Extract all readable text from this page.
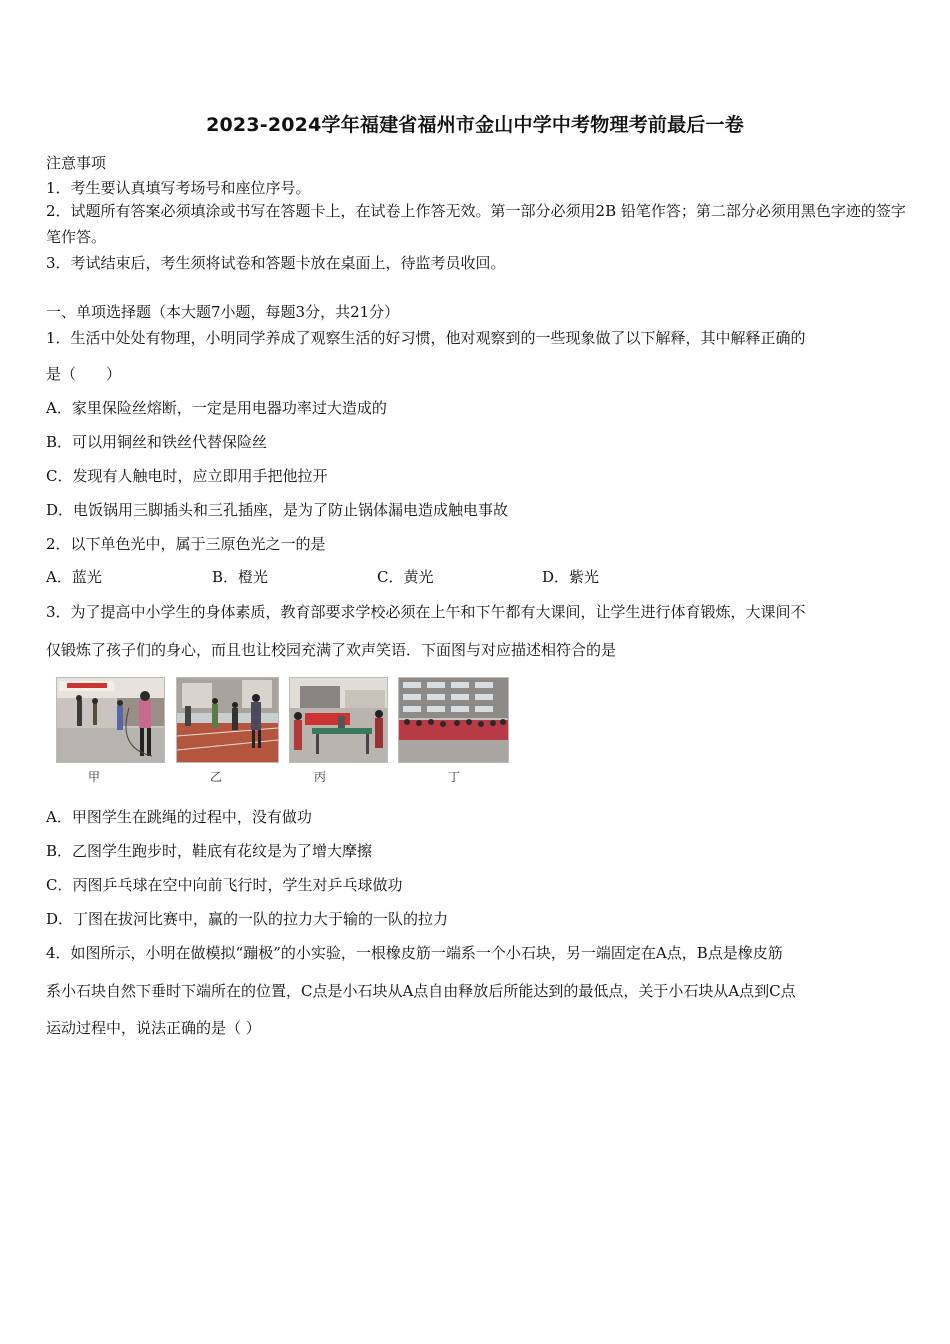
2023-2024学年福建省福州市金山中学中考物理考前最后一卷
注意事项
1．考生要认真填写考场号和座位序号。
2．试题所有答案必须填涂或书写在答题卡上，在试卷上作答无效。第一部分必须用2B 铅笔作答；第二部分必须用黑色字迹的签字笔作答。
3．考试结束后，考生须将试卷和答题卡放在桌面上，待监考员收回。
一、单项选择题（本大题7小题，每题3分，共21分）
1．生活中处处有物理，小明同学养成了观察生活的好习惯，他对观察到的一些现象做了以下解释，其中解释正确的
是（　　）
A．家里保险丝熔断，一定是用电器功率过大造成的
B．可以用铜丝和铁丝代替保险丝
C．发现有人触电时，应立即用手把他拉开
D．电饭锅用三脚插头和三孔插座，是为了防止锅体漏电造成触电事故
2．以下单色光中，属于三原色光之一的是
A．蓝光	B．橙光	C．黄光	D．紫光
3．为了提高中小学生的身体素质，教育部要求学校必须在上午和下午都有大课间，让学生进行体育锻炼，大课间不
仅锻炼了孩子们的身心，而且也让校园充满了欢声笑语．下面图与对应描述相符合的是
甲	乙	丙	丁
A．甲图学生在跳绳的过程中，没有做功
B．乙图学生跑步时，鞋底有花纹是为了增大摩擦
C．丙图乒乓球在空中向前飞行时，学生对乒乓球做功
D．丁图在拔河比赛中，赢的一队的拉力大于输的一队的拉力
4．如图所示，小明在做模拟“蹦极”的小实验，一根橡皮筋一端系一个小石块，另一端固定在A点，B点是橡皮筋
系小石块自然下垂时下端所在的位置，C点是小石块从A点自由释放后所能达到的最低点，关于小石块从A点到C点
运动过程中，说法正确的是（ ）
